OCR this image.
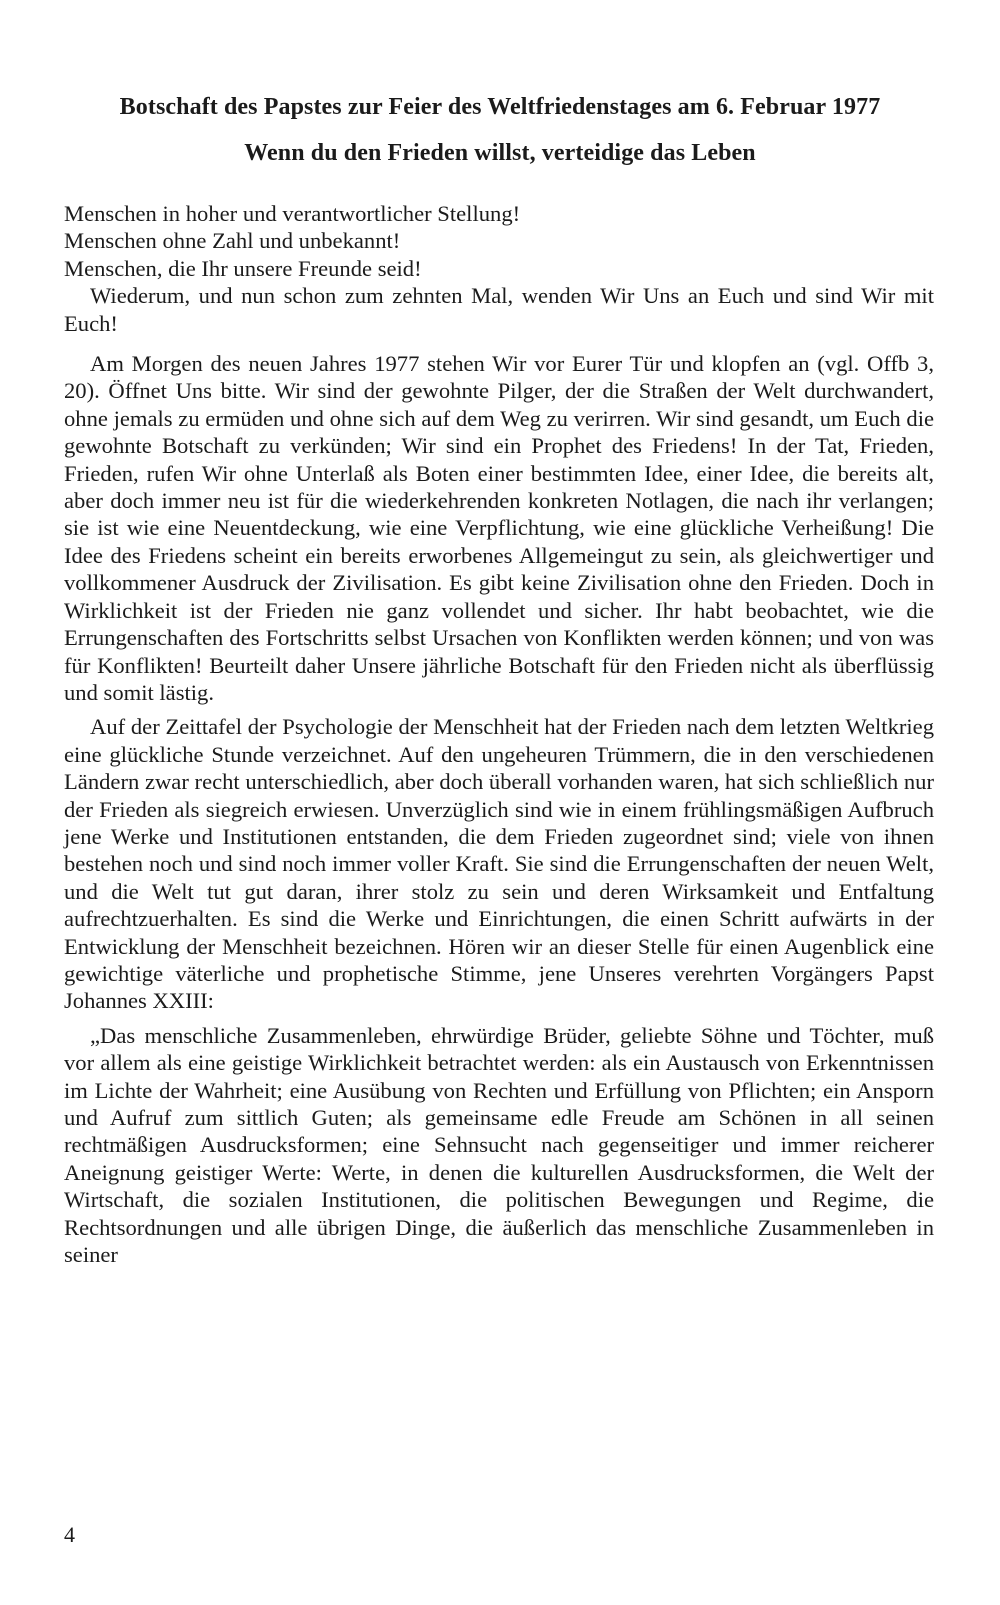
Botschaft des Papstes zur Feier des Weltfriedenstages am 6. Februar 1977
Wenn du den Frieden willst, verteidige das Leben

Menschen in hoher und verantwortlicher Stellung!

Menschen ohne Zahl und unbekannt!

Menschen, die Ihr unsere Freunde seid!

Wiederum, und nun schon zum zehnten Mal, wenden Wir Uns an Euch und sind Wir mit Euch!

Am Morgen des neuen Jahres 1977 stehen Wir vor Eurer Tür und klopfen an (vgl. Offb 3, 20). Öffnet Uns bitte. Wir sind der gewohnte Pilger, der die Straßen der Welt durchwandert, ohne jemals zu ermüden und ohne sich auf dem Weg zu verirren. Wir sind gesandt, um Euch die gewohnte Botschaft zu verkünden; Wir sind ein Prophet des Friedens! In der Tat, Frieden, Frieden, rufen Wir ohne Unterlaß als Boten einer bestimmten Idee, einer Idee, die bereits alt, aber doch immer neu ist für die wiederkehrenden konkreten Notlagen, die nach ihr verlangen; sie ist wie eine Neuentdeckung, wie eine Verpflichtung, wie eine glückliche Verheißung! Die Idee des Friedens scheint ein bereits erworbenes Allgemeingut zu sein, als gleichwertiger und vollkommener Ausdruck der Zivilisation. Es gibt keine Zivilisation ohne den Frieden. Doch in Wirklichkeit ist der Frieden nie ganz vollendet und sicher. Ihr habt beobachtet, wie die Errungenschaften des Fortschritts selbst Ursachen von Konflikten werden können; und von was für Konflikten! Beurteilt daher Unsere jährliche Botschaft für den Frieden nicht als überflüssig und somit lästig.

Auf der Zeittafel der Psychologie der Menschheit hat der Frieden nach dem letzten Weltkrieg eine glückliche Stunde verzeichnet. Auf den ungeheuren Trümmern, die in den verschiedenen Ländern zwar recht unterschiedlich, aber doch überall vorhanden waren, hat sich schließlich nur der Frieden als siegreich erwiesen. Unverzüglich sind wie in einem frühlingsmäßigen Aufbruch jene Werke und Institutionen entstanden, die dem Frieden zugeordnet sind; viele von ihnen bestehen noch und sind noch immer voller Kraft. Sie sind die Errungenschaften der neuen Welt, und die Welt tut gut daran, ihrer stolz zu sein und deren Wirksamkeit und Entfaltung aufrechtzuerhalten. Es sind die Werke und Einrichtungen, die einen Schritt aufwärts in der Entwicklung der Menschheit bezeichnen. Hören wir an dieser Stelle für einen Augenblick eine gewichtige väterliche und prophetische Stimme, jene Unseres verehrten Vorgängers Papst Johannes XXIII:

„Das menschliche Zusammenleben, ehrwürdige Brüder, geliebte Söhne und Töchter, muß vor allem als eine geistige Wirklichkeit betrachtet werden: als ein Austausch von Erkenntnissen im Lichte der Wahrheit; eine Ausübung von Rechten und Erfüllung von Pflichten; ein Ansporn und Aufruf zum sittlich Guten; als gemeinsame edle Freude am Schönen in all seinen rechtmäßigen Ausdrucksformen; eine Sehnsucht nach gegenseitiger und immer reicherer Aneignung geistiger Werte: Werte, in denen die kulturellen Ausdrucksformen, die Welt der Wirtschaft, die sozialen Institutionen, die politischen Bewegungen und Regime, die Rechtsordnungen und alle übrigen Dinge, die äußerlich das menschliche Zusammenleben in seiner

4
